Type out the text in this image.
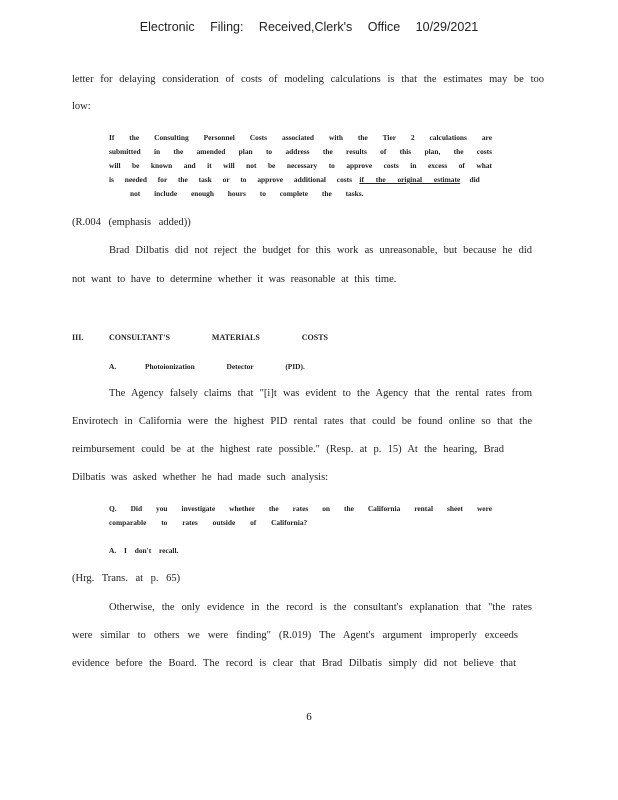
Electronic Filing: Received,Clerk's Office 10/29/2021
letter for delaying consideration of costs of modeling calculations is that the estimates may be too
low:
If the Consulting Personnel Costs associated with the Tier 2 calculations are
submitted in the amended plan to address the results of this plan, the costs
will be known and it will not be necessary to approve costs in excess of what
is needed for the task or to approve additional costs if the original estimate did
not include enough hours to complete the tasks.
(R.004 (emphasis added))
Brad Dilbatis did not reject the budget for this work as unreasonable, but because he did
not want to have to determine whether it was reasonable at this time.
III.	CONSULTANT'S MATERIALS COSTS
A.	Photoionization Detector (PID).
The Agency falsely claims that "[i]t was evident to the Agency that the rental rates from
Envirotech in California were the highest PID rental rates that could be found online so that the
reimbursement could be at the highest rate possible." (Resp. at p. 15) At the hearing, Brad
Dilbatis was asked whether he had made such analysis:
Q. Did you investigate whether the rates on the California rental sheet were
comparable to rates outside of California?
A. I don't recall.
(Hrg. Trans. at p. 65)
Otherwise, the only evidence in the record is the consultant's explanation that "the rates
were similar to others we were finding" (R.019) The Agent's argument improperly exceeds
evidence before the Board. The record is clear that Brad Dilbatis simply did not believe that
6
